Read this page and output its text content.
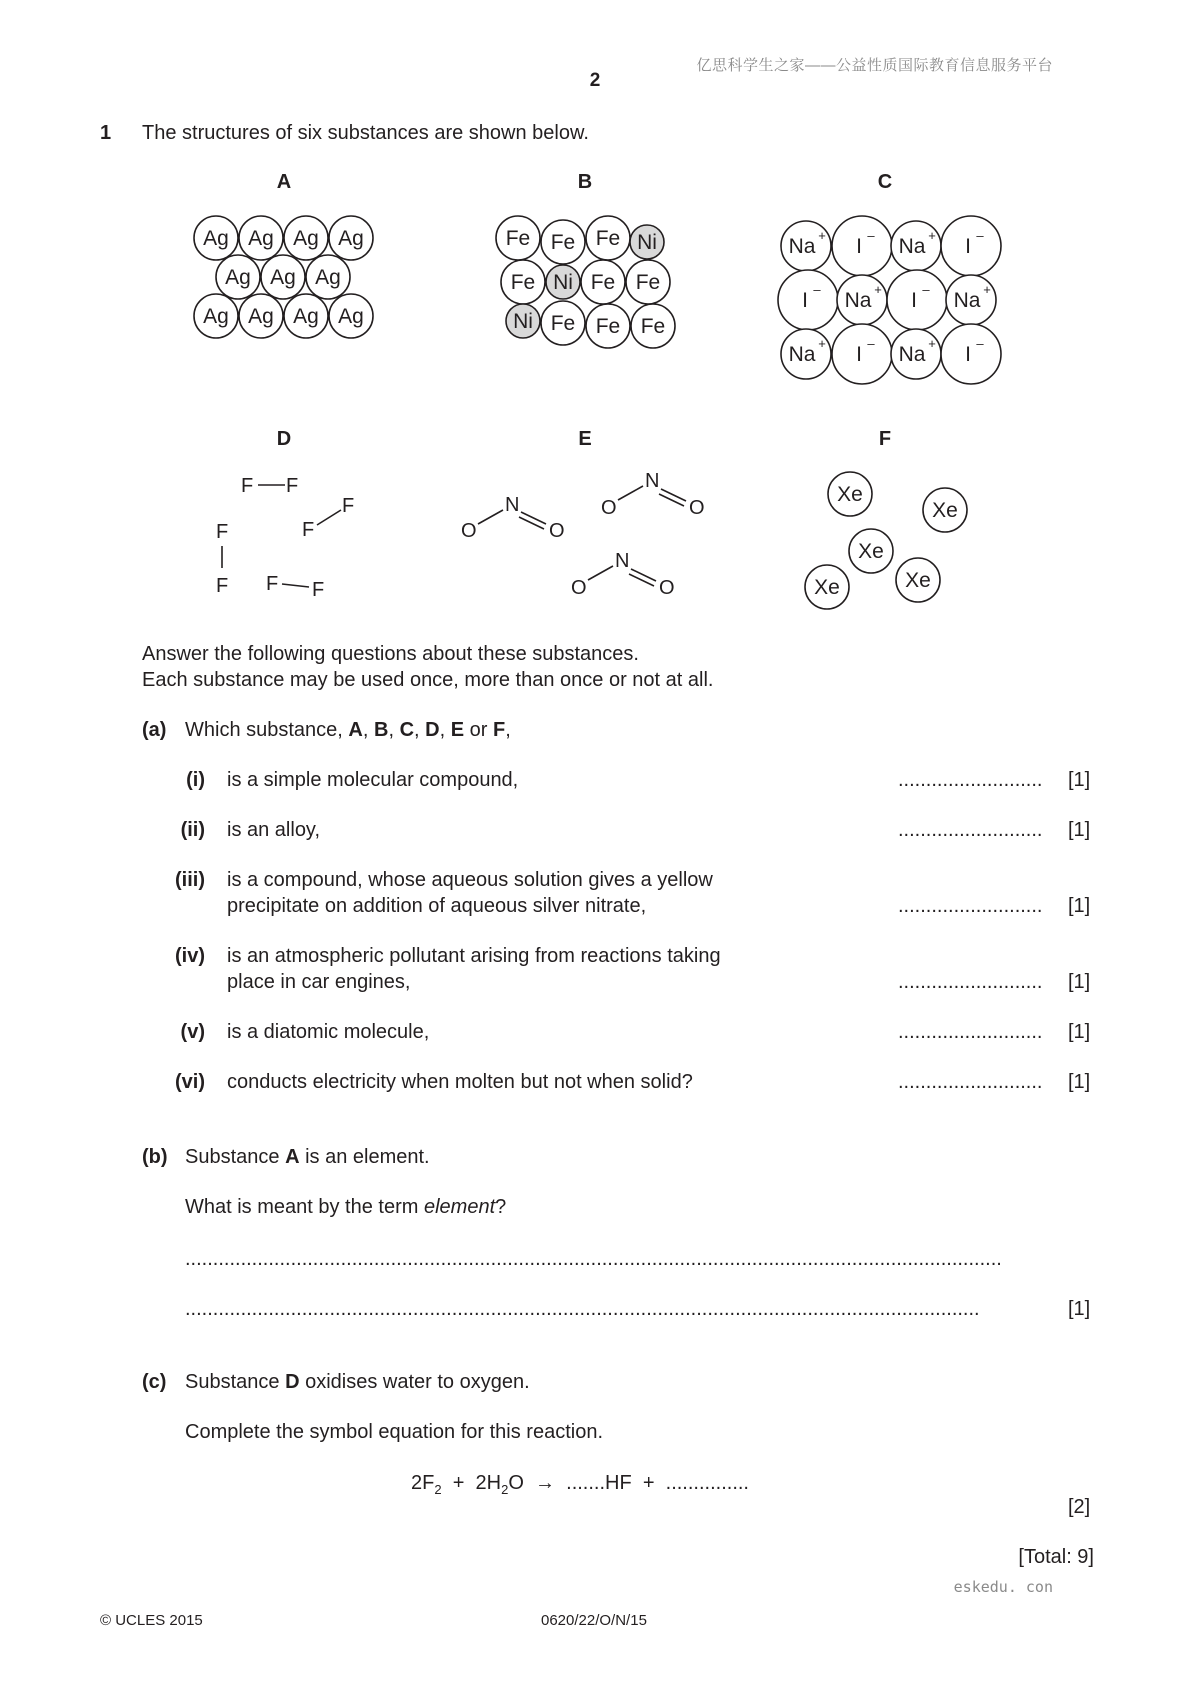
亿思科学生之家——公益性质国际教育信息服务平台
2
1 The structures of six substances are shown below.
A	B	C
D	E	F
Ag Ag Ag Ag
Ag Ag Ag
Ag Ag Ag Ag
Fe Fe Fe Ni
Fe Ni Fe Fe
Ni Fe Fe Fe
Na + I – Na + I –
I – Na + I – Na +
Na + I – Na + I –
F F
F
F
F
F F F
O
N
O
O
N
O
O
N
O
Xe
Xe
Xe
Xe
Xe
Answer the following questions about these substances.
Each substance may be used once, more than once or not at all.
(a) Which substance, A, B, C, D, E or F,
(i) is a simple molecular compound,	.......................... [1]
(ii) is an alloy,	.......................... [1]
(iii) is a compound, whose aqueous solution gives a yellow
precipitate on addition of aqueous silver nitrate,	.......................... [1]
(iv) is an atmospheric pollutant arising from reactions taking
place in car engines,	.......................... [1]
(v) is a diatomic molecule,	.......................... [1]
(vi) conducts electricity when molten but not when solid?	.......................... [1]
(b) Substance A is an element.
What is meant by the term element?
...................................................................................................................................................
...............................................................................................................................................	[1]
(c) Substance D oxidises water to oxygen.
Complete the symbol equation for this reaction.
$2F_2 + 2H_2O \to .......HF$ + ...............
[2]
[Total: 9]
eskedu. con
© UCLES 2015	0620/22/O/N/15
